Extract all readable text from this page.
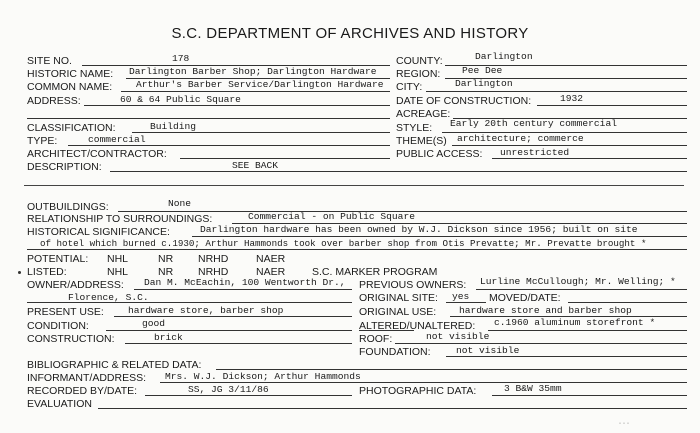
S.C. DEPARTMENT OF ARCHIVES AND HISTORY
SITE NO.	178	COUNTY:	Darlington
HISTORIC NAME: Darlington Barber Shop; Darlington Hardware REGION: Pee Dee
COMMON NAME: Arthur's Barber Service/Darlington Hardware CITY:	Darlington
ADDRESS:	60 & 64 Public Square	DATE OF CONSTRUCTION:	1932
ACREAGE:
CLASSIFICATION:	Building	STYLE: Early 20th century commercial
TYPE:	commercial	THEME(S) architecture; commerce
ARCHITECT/CONTRACTOR:	PUBLIC ACCESS: unrestricted
DESCRIPTION:	SEE BACK
OUTBUILDINGS:	None
RELATIONSHIP TO SURROUNDINGS:	Commercial - on Public Square
HISTORICAL SIGNIFICANCE:	Darlington hardware has been owned by W.J. Dickson since 1956; built on site
of hotel which burned c.1930; Arthur Hammonds took over barber shop from Otis Prevatte; Mr. Prevatte brought *
POTENTIAL: NHL	NR NRHD	NAER
LISTED:	NHL	NR NRHD	NAER	S.C. MARKER PROGRAM
OWNER/ADDRESS: Dan M. McEachin, 100 Wentworth Dr.,
Florence, S.C.
PREVIOUS OWNERS: Lurline McCullough; Mr. Welling; *
ORIGINAL SITE: yes MOVED/DATE:
PRESENT USE:	hardware store, barber shop	ORIGINAL USE: hardware store and barber shop
CONDITION:	good	ALTERED/UNALTERED: c.1960 aluminum storefront *
CONSTRUCTION:	brick	ROOF:	not visible
FOUNDATION:	not visible
BIBLIOGRAPHIC & RELATED DATA:
INFORMANT/ADDRESS: Mrs. W.J. Dickson; Arthur Hammonds
RECORDED BY/DATE:	SS, JG 3/11/86	PHOTOGRAPHIC DATA:	3 B&W 35mm
EVALUATION
˙˙˙
